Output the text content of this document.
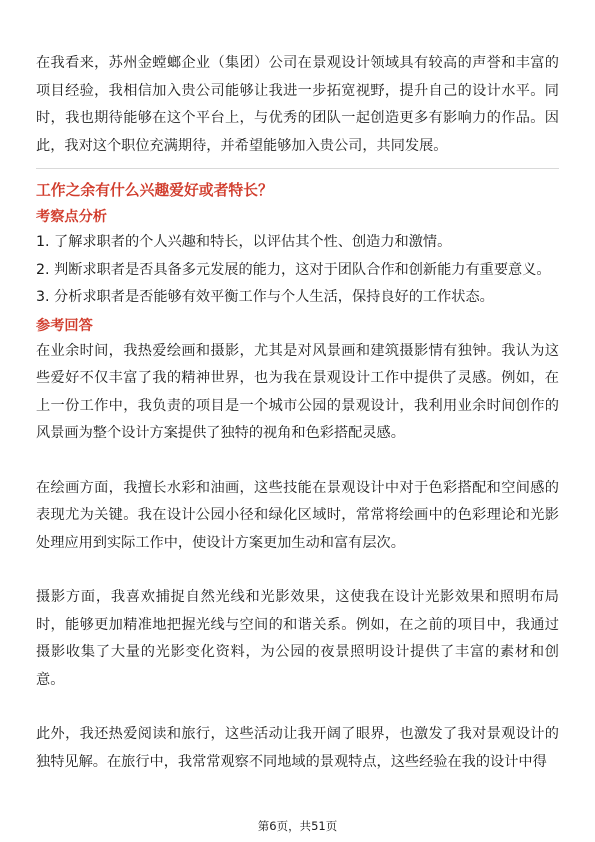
在我看来，苏州金螳螂企业（集团）公司在景观设计领域具有较高的声誉和丰富的项目经验，我相信加入贵公司能够让我进一步拓宽视野，提升自己的设计水平。同时，我也期待能够在这个平台上，与优秀的团队一起创造更多有影响力的作品。因此，我对这个职位充满期待，并希望能够加入贵公司，共同发展。

工作之余有什么兴趣爱好或者特长？
考察点分析
1. 了解求职者的个人兴趣和特长，以评估其个性、创造力和激情。
2. 判断求职者是否具备多元发展的能力，这对于团队合作和创新能力有重要意义。
3. 分析求职者是否能够有效平衡工作与个人生活，保持良好的工作状态。
参考回答

在业余时间，我热爱绘画和摄影，尤其是对风景画和建筑摄影情有独钟。我认为这些爱好不仅丰富了我的精神世界，也为我在景观设计工作中提供了灵感。例如，在上一份工作中，我负责的项目是一个城市公园的景观设计，我利用业余时间创作的风景画为整个设计方案提供了独特的视角和色彩搭配灵感。

在绘画方面，我擅长水彩和油画，这些技能在景观设计中对于色彩搭配和空间感的表现尤为关键。我在设计公园小径和绿化区域时，常常将绘画中的色彩理论和光影处理应用到实际工作中，使设计方案更加生动和富有层次。

摄影方面，我喜欢捕捉自然光线和光影效果，这使我在设计光影效果和照明布局时，能够更加精准地把握光线与空间的和谐关系。例如，在之前的项目中，我通过摄影收集了大量的光影变化资料，为公园的夜景照明设计提供了丰富的素材和创意。

此外，我还热爱阅读和旅行，这些活动让我开阔了眼界，也激发了我对景观设计的独特见解。在旅行中，我常常观察不同地域的景观特点，这些经验在我的设计中得

第6页，共51页
